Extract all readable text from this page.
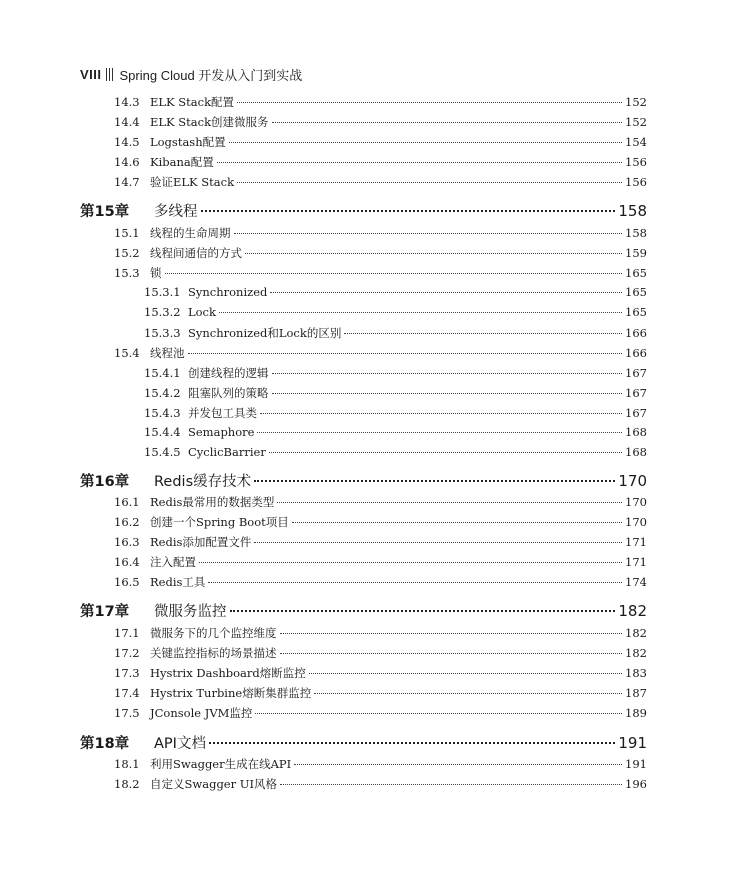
VIII Spring Cloud 开发从入门到实战
14.3 ELK Stack配置	152
14.4 ELK Stack创建微服务	152
14.5 Logstash配置	154
14.6 Kibana配置	156
14.7 验证ELK Stack	156
第15章	多线程	158
15.1 线程的生命周期	158
15.2 线程间通信的方式	159
15.3 锁	165
15.3.1 Synchronized	165
15.3.2 Lock	165
15.3.3 Synchronized和Lock的区别	166
15.4 线程池	166
15.4.1 创建线程的逻辑	167
15.4.2 阻塞队列的策略	167
15.4.3 并发包工具类	167
15.4.4 Semaphore	168
15.4.5 CyclicBarrier	168
第16章	Redis缓存技术	170
16.1 Redis最常用的数据类型	170
16.2 创建一个Spring Boot项目	170
16.3 Redis添加配置文件	171
16.4 注入配置	171
16.5 Redis工具	174
第17章	微服务监控	182
17.1 微服务下的几个监控维度	182
17.2 关键监控指标的场景描述	182
17.3 Hystrix Dashboard熔断监控	183
17.4 Hystrix Turbine熔断集群监控	187
17.5 JConsole JVM监控	189
第18章	API文档	191
18.1 利用Swagger生成在线API	191
18.2 自定义Swagger UI风格	196
